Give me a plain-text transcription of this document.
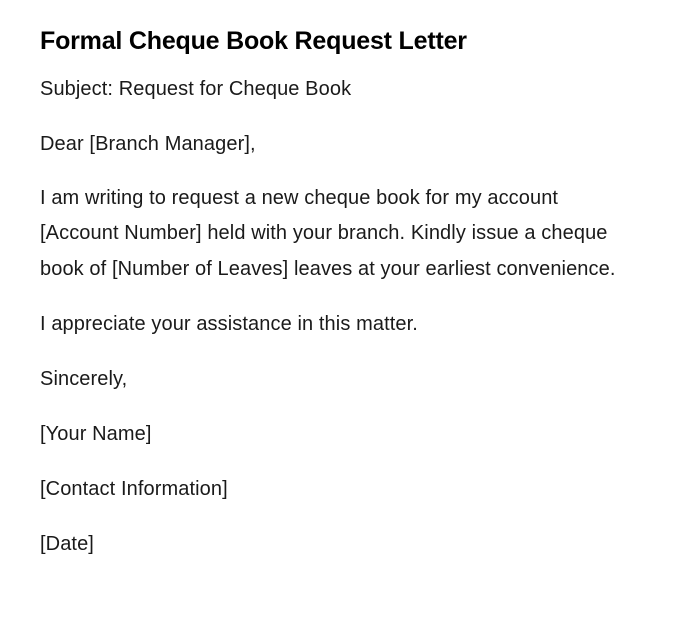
Formal Cheque Book Request Letter

Subject: Request for Cheque Book

Dear [Branch Manager],

I am writing to request a new cheque book for my account [Account Number] held with your branch. Kindly issue a cheque book of [Number of Leaves] leaves at your earliest convenience.

I appreciate your assistance in this matter.

Sincerely,

[Your Name]

[Contact Information]

[Date]
